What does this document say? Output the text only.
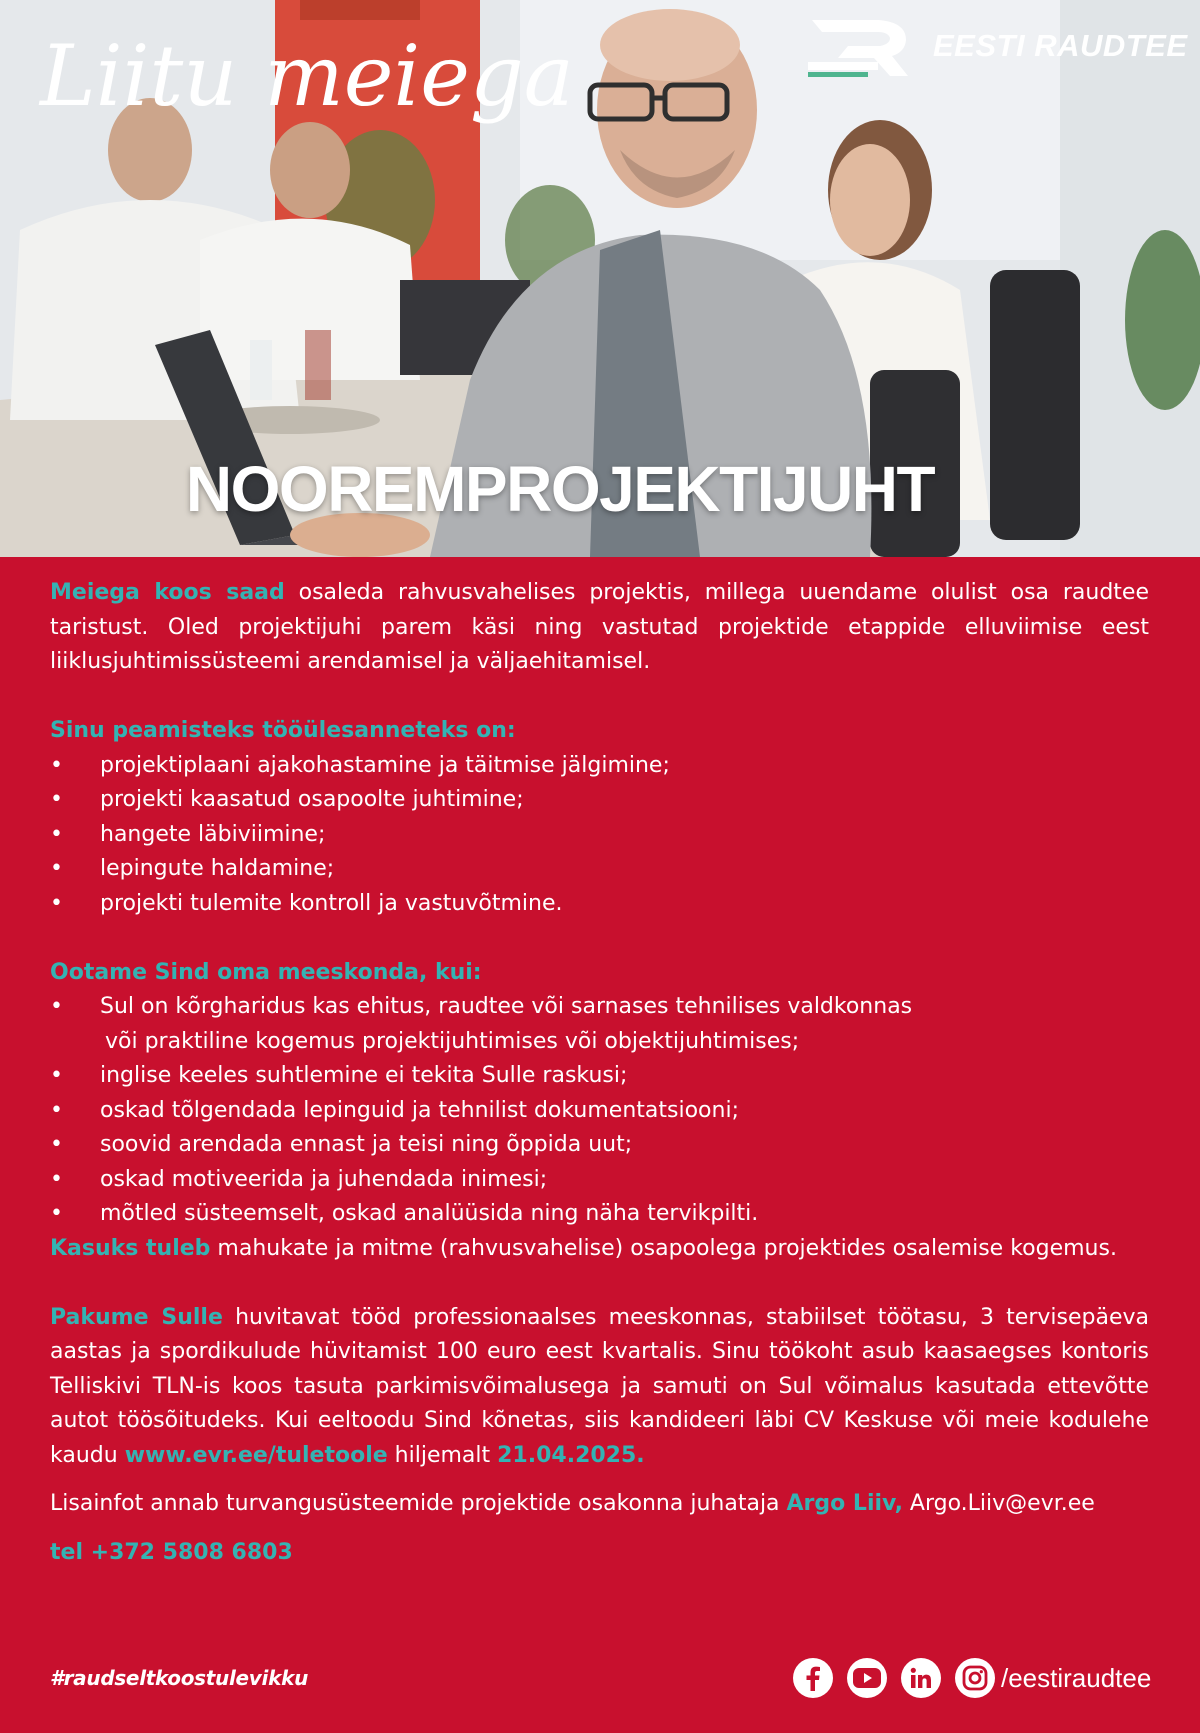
Liitu meiega	EESTI RAUDTEE
NOOREMPROJEKTIJUHT

Meiega koos saad osaleda rahvusvahelises projektis, millega uuendame olulist osa raudtee taristust. Oled projektijuhi parem käsi ning vastutad projektide etappide elluviimise eest liiklusjuhtimissüsteemi arendamisel ja väljaehitamisel.

Sinu peamisteks tööülesanneteks on:

• projektiplaani ajakohastamine ja täitmise jälgimine;
• projekti kaasatud osapoolte juhtimine;
• hangete läbiviimine;
• lepingute haldamine;
• projekti tulemite kontroll ja vastuvõtmine.

Ootame Sind oma meeskonda, kui:

• Sul on kõrgharidus kas ehitus, raudtee või sarnases tehnilises valdkonnas
või praktiline kogemus projektijuhtimises või objektijuhtimises;
• inglise keeles suhtlemine ei tekita Sulle raskusi;
• oskad tõlgendada lepinguid ja tehnilist dokumentatsiooni;
• soovid arendada ennast ja teisi ning õppida uut;
• oskad motiveerida ja juhendada inimesi;
• mõtled süsteemselt, oskad analüüsida ning näha tervikpilti.

Kasuks tuleb mahukate ja mitme (rahvusvahelise) osapoolega projektides osalemise kogemus.

Pakume Sulle huvitavat tööd professionaalses meeskonnas, stabiilset töötasu, 3 tervisepäeva aastas ja spordikulude hüvitamist 100 euro eest kvartalis. Sinu töökoht asub kaasaegses kontoris Telliskivi TLN-is koos tasuta parkimisvõimalusega ja samuti on Sul võimalus kasutada ettevõtte autot töösõitudeks. Kui eeltoodu Sind kõnetas, siis kandideeri läbi CV Keskuse või meie kodulehe kaudu www.evr.ee/tuletoole hiljemalt 21.04.2025.

Lisainfot annab turvangusüsteemide projektide osakonna juhataja Argo Liiv, Argo.Liiv@evr.ee

tel +372 5808 6803

#raudseltkoostulevikku	/eestiraudtee
